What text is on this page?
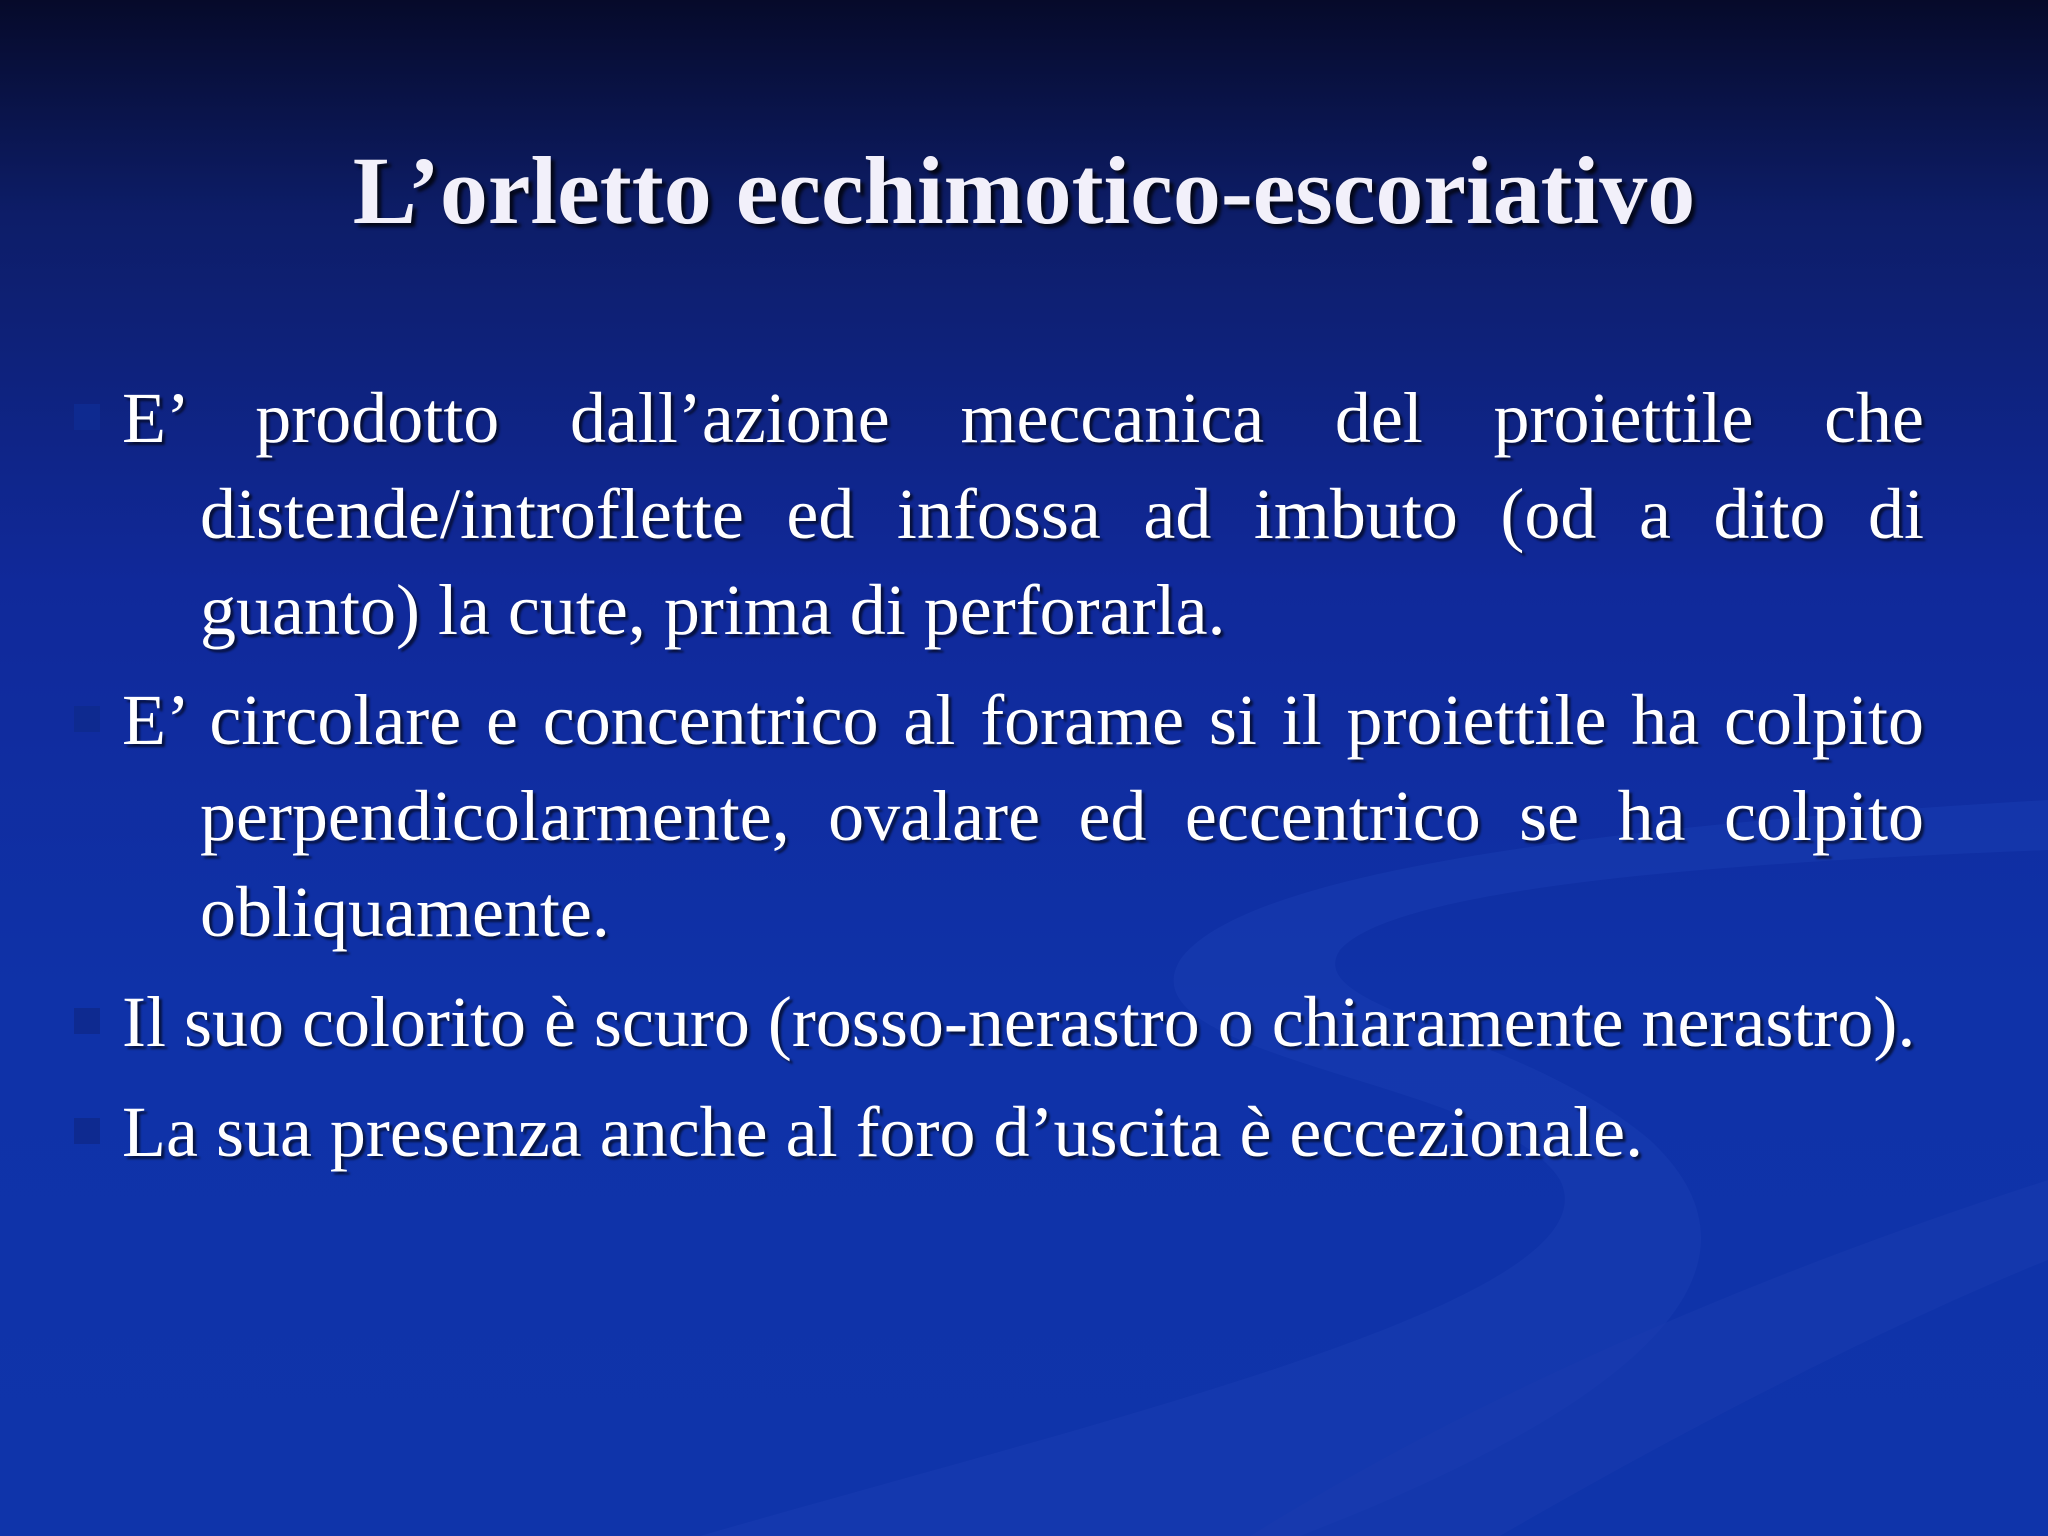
L’orletto ecchimotico-escoriativo
E’ prodotto dall’azione meccanica del proiettile che distende/introflette ed infossa ad imbuto (od a dito di guanto) la cute, prima di perforarla.
E’ circolare e concentrico al forame si il proiettile ha colpito perpendicolarmente, ovalare ed eccentrico se ha colpito obliquamente.
Il suo colorito è scuro (rosso-nerastro o chiaramente nerastro).
La sua presenza anche al foro d’uscita è eccezionale.
